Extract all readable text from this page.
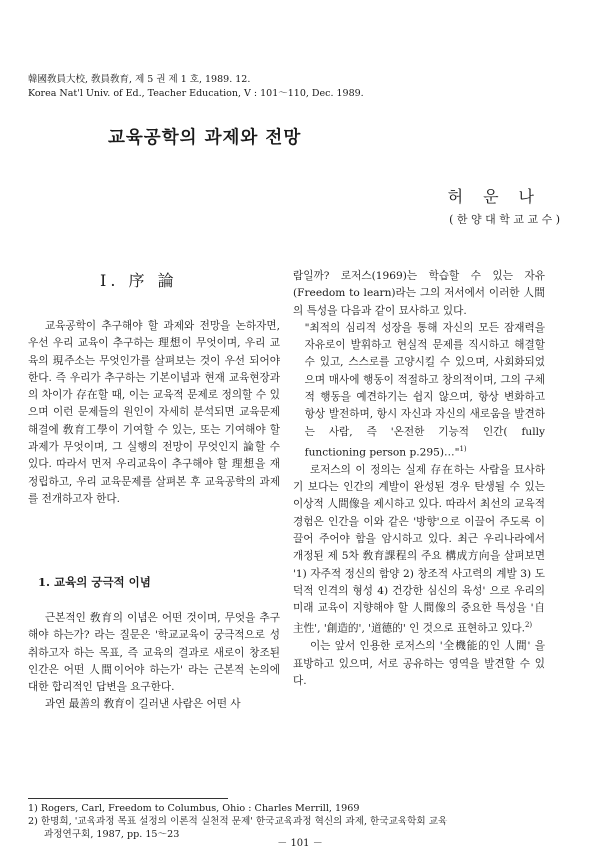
韓國敎員大校, 敎員敎育, 제 5 권 제 1 호, 1989. 12.
Korea Nat'l Univ. of Ed., Teacher Education, V : 101～110, Dec. 1989.
교육공학의 과제와 전망
허운나
( 한 양 대 학 교 교 수 )
I. 序 論

교육공학이 추구해야 할 과제와 전망을 논하자면, 우선 우리 교육이 추구하는 理想이 무엇이며, 우리 교육의 現주소는 무엇인가를 살펴보는 것이 우선 되어야 한다. 즉 우리가 추구하는 기본이념과 현재 교육현장과의 차이가 存在할 때, 이는 교육적 문제로 정의할 수 있으며 이런 문제들의 원인이 자세히 분석되면 교육문제 해결에 敎育工學이 기여할 수 있는, 또는 기여해야 할 과제가 무엇이며, 그 실행의 전망이 무엇인지 論할 수 있다. 따라서 먼저 우리교육이 추구해야 할 理想을 재정립하고, 우리 교육문제를 살펴본 후 교육공학의 과제를 전개하고자 한다.

1. 교육의 궁극적 이념

근본적인 敎育의 이념은 어떤 것이며, 무엇을 추구해야 하는가? 라는 질문은 '학교교육이 궁극적으로 성취하고자 하는 목표, 즉 교육의 결과로 새로이 창조된 인간은 어떤 人間이어야 하는가' 라는 근본적 논의에 대한 합리적인 답변을 요구한다.

과연 最善의 敎育이 길러낸 사람은 어떤 사

람일까? 로저스(1969)는 학습할 수 있는 자유(Freedom to learn)라는 그의 저서에서 이러한 人間의 특성을 다음과 같이 묘사하고 있다.

"최적의 심리적 성장을 통해 자신의 모든 잠재력을 자유로이 발휘하고 현실적 문제를 직시하고 해결할 수 있고, 스스로를 고양시킬 수 있으며, 사회화되었으며 매사에 행동이 적절하고 창의적이며, 그의 구체적 행동을 예견하기는 쉽지 않으며, 항상 변화하고 항상 발전하며, 항시 자신과 자신의 새로움을 발견하는 사람, 즉 '온전한 기능적 인간( fully functioning person p.295)…"$^{1)}$

로저스의 이 정의는 실제 存在하는 사람을 묘사하기 보다는 인간의 계발이 완성된 경우 탄생될 수 있는 이상적 人間像을 제시하고 있다. 따라서 최선의 교육적 경험은 인간을 이와 같은 '방향'으로 이끌어 주도록 이끌어 주어야 함을 암시하고 있다. 최근 우리나라에서 개정된 제 5차 敎育課程의 주요 構成方向을 살펴보면 '1) 자주적 정신의 함양 2) 창조적 사고력의 계발 3) 도덕적 인격의 형성 4) 건강한 심신의 육성' 으로 우리의 미래 교육이 지향해야 할 人間像의 중요한 특성을 '自主性', '創造的', '道德的' 인 것으로 표현하고 있다.$^{2)}$

이는 앞서 인용한 로저스의 '全機能的인 人間' 을 표방하고 있으며, 서로 공유하는 영역을 발견할 수 있다.

1) Rogers, Carl, Freedom to Columbus, Ohio : Charles Merrill, 1969
2) 한명희, '교육과정 목표 설정의 이론적 실천적 문제' 한국교육과정 혁신의 과제, 한국교육학회 교육
과정연구회, 1987, pp. 15～23
－ 101 －
